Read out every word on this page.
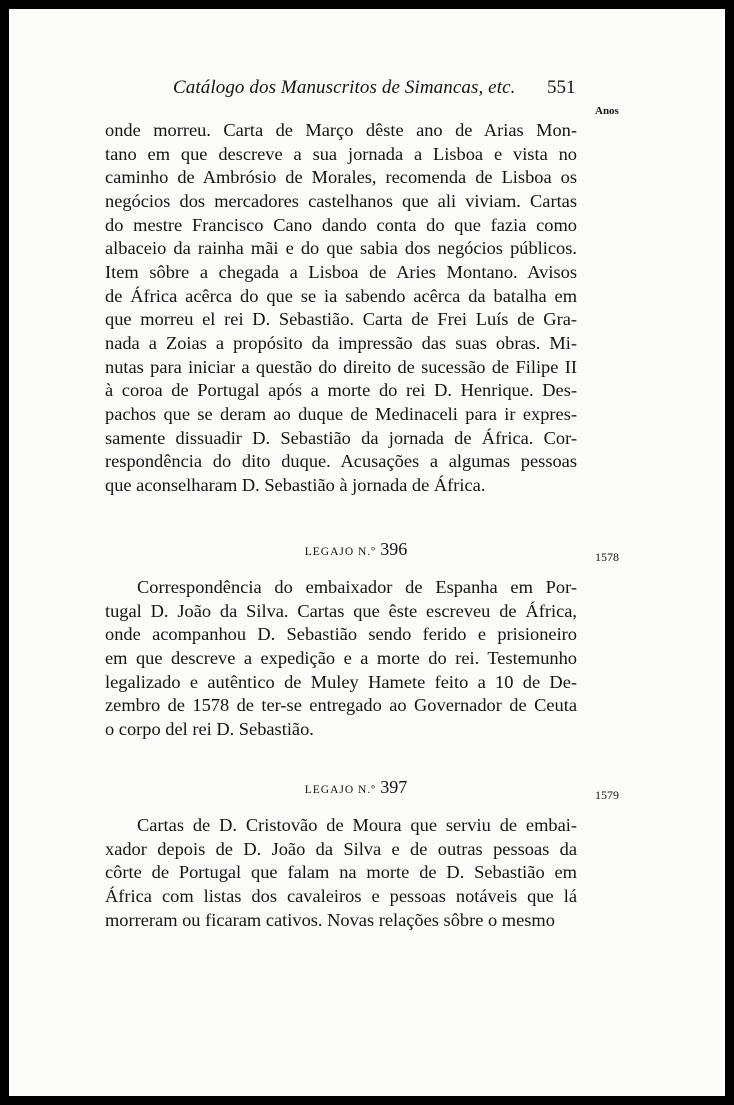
Catálogo dos Manuscritos de Simancas, etc. 551
Anos

onde morreu. Carta de Março dêste ano de Arias Mon-

tano em que descreve a sua jornada a Lisboa e vista no

caminho de Ambrósio de Morales, recomenda de Lisboa os

negócios dos mercadores castelhanos que ali viviam. Cartas

do mestre Francisco Cano dando conta do que fazia como

albaceio da rainha mãi e do que sabia dos negócios públicos.

Item sôbre a chegada a Lisboa de Aries Montano. Avisos

de África acêrca do que se ia sabendo acêrca da batalha em

que morreu el rei D. Sebastião. Carta de Frei Luís de Gra-

nada a Zoias a propósito da impressão das suas obras. Mi-

nutas para iniciar a questão do direito de sucessão de Filipe II

à coroa de Portugal após a morte do rei D. Henrique. Des-

pachos que se deram ao duque de Medinaceli para ir expres-

samente dissuadir D. Sebastião da jornada de África. Cor-

respondência do dito duque. Acusações a algumas pessoas

que aconselharam D. Sebastião à jornada de África.

LEGAJO N.º 396	1578

Correspondência do embaixador de Espanha em Por-

tugal D. João da Silva. Cartas que êste escreveu de África,

onde acompanhou D. Sebastião sendo ferido e prisioneiro

em que descreve a expedição e a morte do rei. Testemunho

legalizado e autêntico de Muley Hamete feito a 10 de De-

zembro de 1578 de ter-se entregado ao Governador de Ceuta

o corpo del rei D. Sebastião.

LEGAJO N.º 397	1579

Cartas de D. Cristovão de Moura que serviu de embai-

xador depois de D. João da Silva e de outras pessoas da

côrte de Portugal que falam na morte de D. Sebastião em

África com listas dos cavaleiros e pessoas notáveis que lá

morreram ou ficaram cativos. Novas relações sôbre o mesmo
